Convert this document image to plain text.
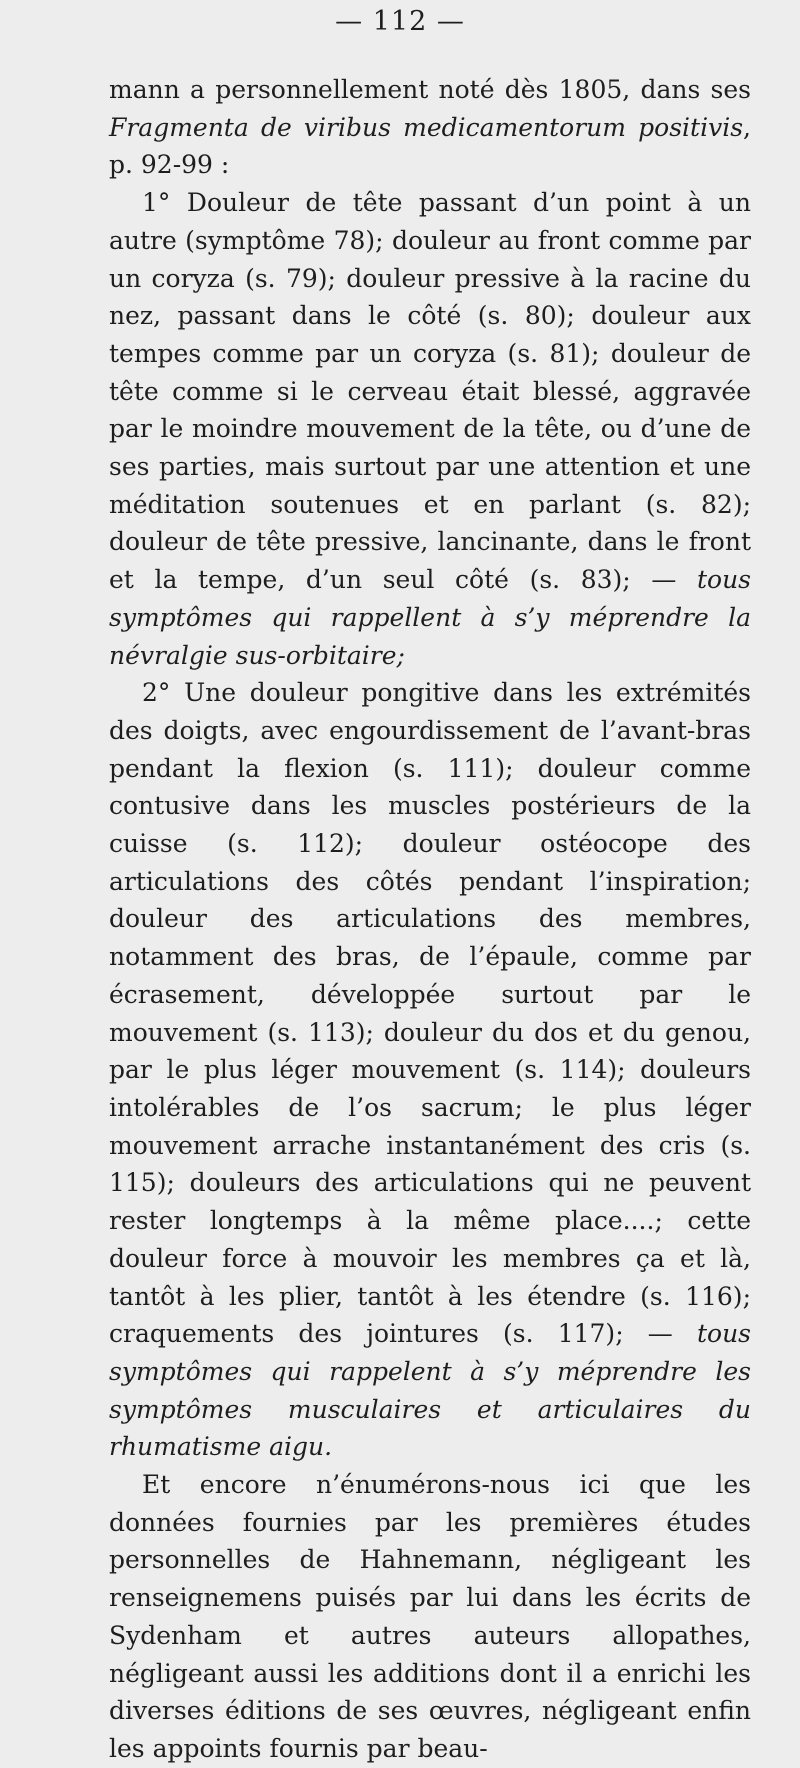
— 112 —

mann a personnellement noté dès 1805, dans ses Fragmenta de viribus medicamentorum positivis, p. 92-99 :

1° Douleur de tête passant d’un point à un autre (symptôme 78); douleur au front comme par un coryza (s. 79); douleur pressive à la racine du nez, passant dans le côté (s. 80); douleur aux tempes comme par un coryza (s. 81); douleur de tête comme si le cerveau était blessé, aggravée par le moindre mouvement de la tête, ou d’une de ses parties, mais surtout par une attention et une méditation soutenues et en parlant (s. 82); douleur de tête pressive, lancinante, dans le front et la tempe, d’un seul côté (s. 83); — tous symptômes qui rappellent à s’y méprendre la névralgie sus-orbitaire;

2° Une douleur pongitive dans les extrémités des doigts, avec engourdissement de l’avant-bras pendant la flexion (s. 111); douleur comme contusive dans les muscles postérieurs de la cuisse (s. 112); douleur ostéocope des articulations des côtés pendant l’inspiration; douleur des articulations des membres, notamment des bras, de l’épaule, comme par écrasement, développée surtout par le mouvement (s. 113); douleur du dos et du genou, par le plus léger mouvement (s. 114); douleurs intolérables de l’os sacrum; le plus léger mouvement arrache instantanément des cris (s. 115); douleurs des articulations qui ne peuvent rester longtemps à la même place....; cette douleur force à mouvoir les membres ça et là, tantôt à les plier, tantôt à les étendre (s. 116); craquements des jointures (s. 117); — tous symptômes qui rappelent à s’y méprendre les symptômes musculaires et articulaires du rhumatisme aigu.

Et encore n’énumérons-nous ici que les données fournies par les premières études personnelles de Hahnemann, négligeant les renseignemens puisés par lui dans les écrits de Sydenham et autres auteurs allopathes, négligeant aussi les additions dont il a enrichi les diverses éditions de ses œuvres, négligeant enfin les appoints fournis par beau-
